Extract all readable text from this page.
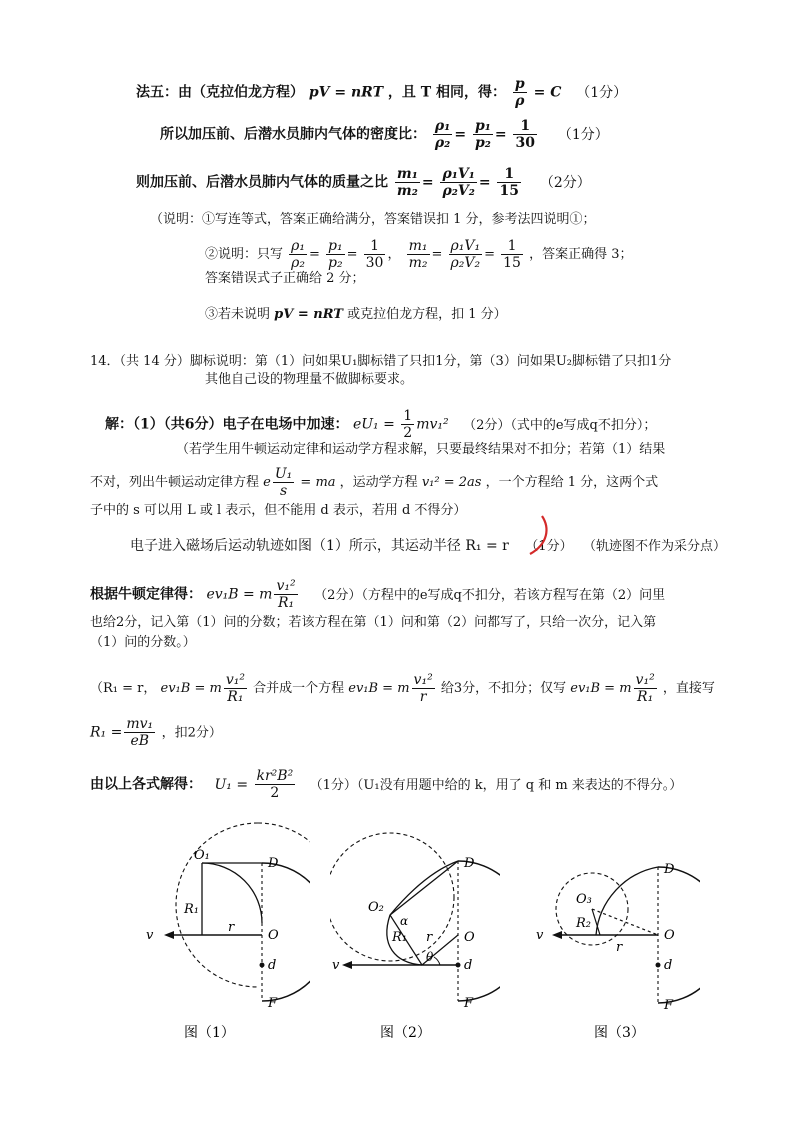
法五：由（克拉伯龙方程） pV = nRT ，且 T 相同，得： $\frac{p}{\rho} = C$ （1分）
所以加压前、后潜水员肺内气体的密度比： $\frac{\text{ρ₁}}{\text{ρ₂}} = \frac{\text{p₁}}{\text{p₂}} = \frac{1}{30} (1$分）
则加压前、后潜水员肺内气体的质量之比 $\frac{\text{m₁}}{\text{m₂}} = \frac{\text{ρ₁V₁}}{\text{ρ₂V₂}} = \frac{1}{15} (2$分）
（说明：①写连等式，答案正确给满分，答案错误扣 1 分，参考法四说明①；
②说明：只写 $\frac{\text{ρ₁}}{\text{ρ₂}} = \frac{\text{p₁}}{\text{p₂}} = \frac{1}{30}$ ， $\frac{\text{m₁}}{\text{m₂}} = \frac{\text{ρ₁V₁}}{\text{ρ₂V₂}} = \frac{1}{15}$ ，答案正确得 3；
答案错误式子正确给 2 分；
③若未说明 pV = nRT 或克拉伯龙方程，扣 1 分）
14．（共 14 分）脚标说明：第（1）问如果U₁脚标错了只扣1分，第（3）问如果U₂脚标错了只扣1分
其他自己设的物理量不做脚标要求。
解：（1）（共6分）电子在电场中加速： $eU_1 = \frac{1}{2} mv_1^2$ （2分）（式中的e写成q不扣分）；
（若学生用牛顿运动定律和运动学方程求解，只要最终结果对不扣分；若第（1）结果
不对，列出牛顿运动定律方程 e $\frac{\text{U₁}}{s}$ = ma ，运动学方程 v₁² = 2as ，一个方程给 1 分，这两个式
子中的 s 可以用 L 或 l 表示，但不能用 d 表示，若用 d 不得分）
电子进入磁场后运动轨迹如图（1）所示，其运动半径 R₁ = r （1分） （轨迹图不作为采分点）
根据牛顿定律得： ev₁B = m $\frac{\text{v₁²}}{\text{R₁}} (2$分）（方程中的e写成q不扣分，若该方程写在第（2）问里
也给2分，记入第（1）问的分数；若该方程在第（1）问和第（2）问都写了，只给一次分，记入第
（1）问的分数。）
（R₁ = r， ev₁B = m $\frac{\text{v₁²}}{\text{R₁}}$ 合并成一个方程 ev₁B = m $\frac{\text{v₁²}}{r}$ 给3分，不扣分；仅写 ev₁B = m $\frac{\text{v₁²}}{\text{R₁}}$ ，直接写
$R_1 = \frac{\text{mv₁}}{eB}$ ，扣2分）
由以上各式解得： $U_1 = \frac{\text{kr²B²}}{2} (1$分）（U₁没有用题中给的 k，用了 q 和 m 来表达的不得分。）
O₁
D
R₁
v
r
O
d
F
图（1）
O₂
D
α
R₁ r O
θ
v	d
F
图（2）
O₃
D
R₂
v
r
O
d
F
图（3）
